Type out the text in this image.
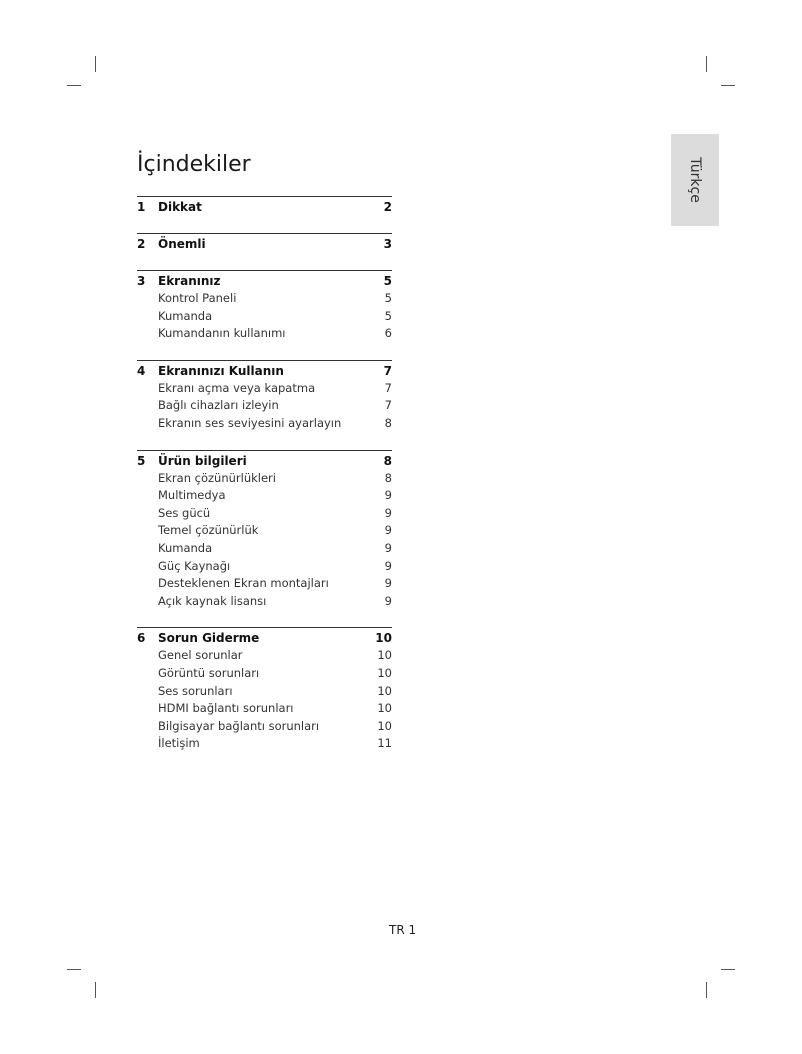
Türkçe
İçindekiler
1 Dikkat	2
2 Önemli	3
3 Ekranınız	5
Kontrol Paneli	5
Kumanda	5
Kumandanın kullanımı	6
4 Ekranınızı Kullanın	7
Ekranı açma veya kapatma	7
Bağlı cihazları izleyin	7
Ekranın ses seviyesini ayarlayın	8
5 Ürün bilgileri	8
Ekran çözünürlükleri	8
Multimedya	9
Ses gücü	9
Temel çözünürlük	9
Kumanda	9
Güç Kaynağı	9
Desteklenen Ekran montajları	9
Açık kaynak lisansı	9
6 Sorun Giderme	10
Genel sorunlar	10
Görüntü sorunları	10
Ses sorunları	10
HDMI bağlantı sorunları	10
Bilgisayar bağlantı sorunları	10
İletişim	11
TR 1
